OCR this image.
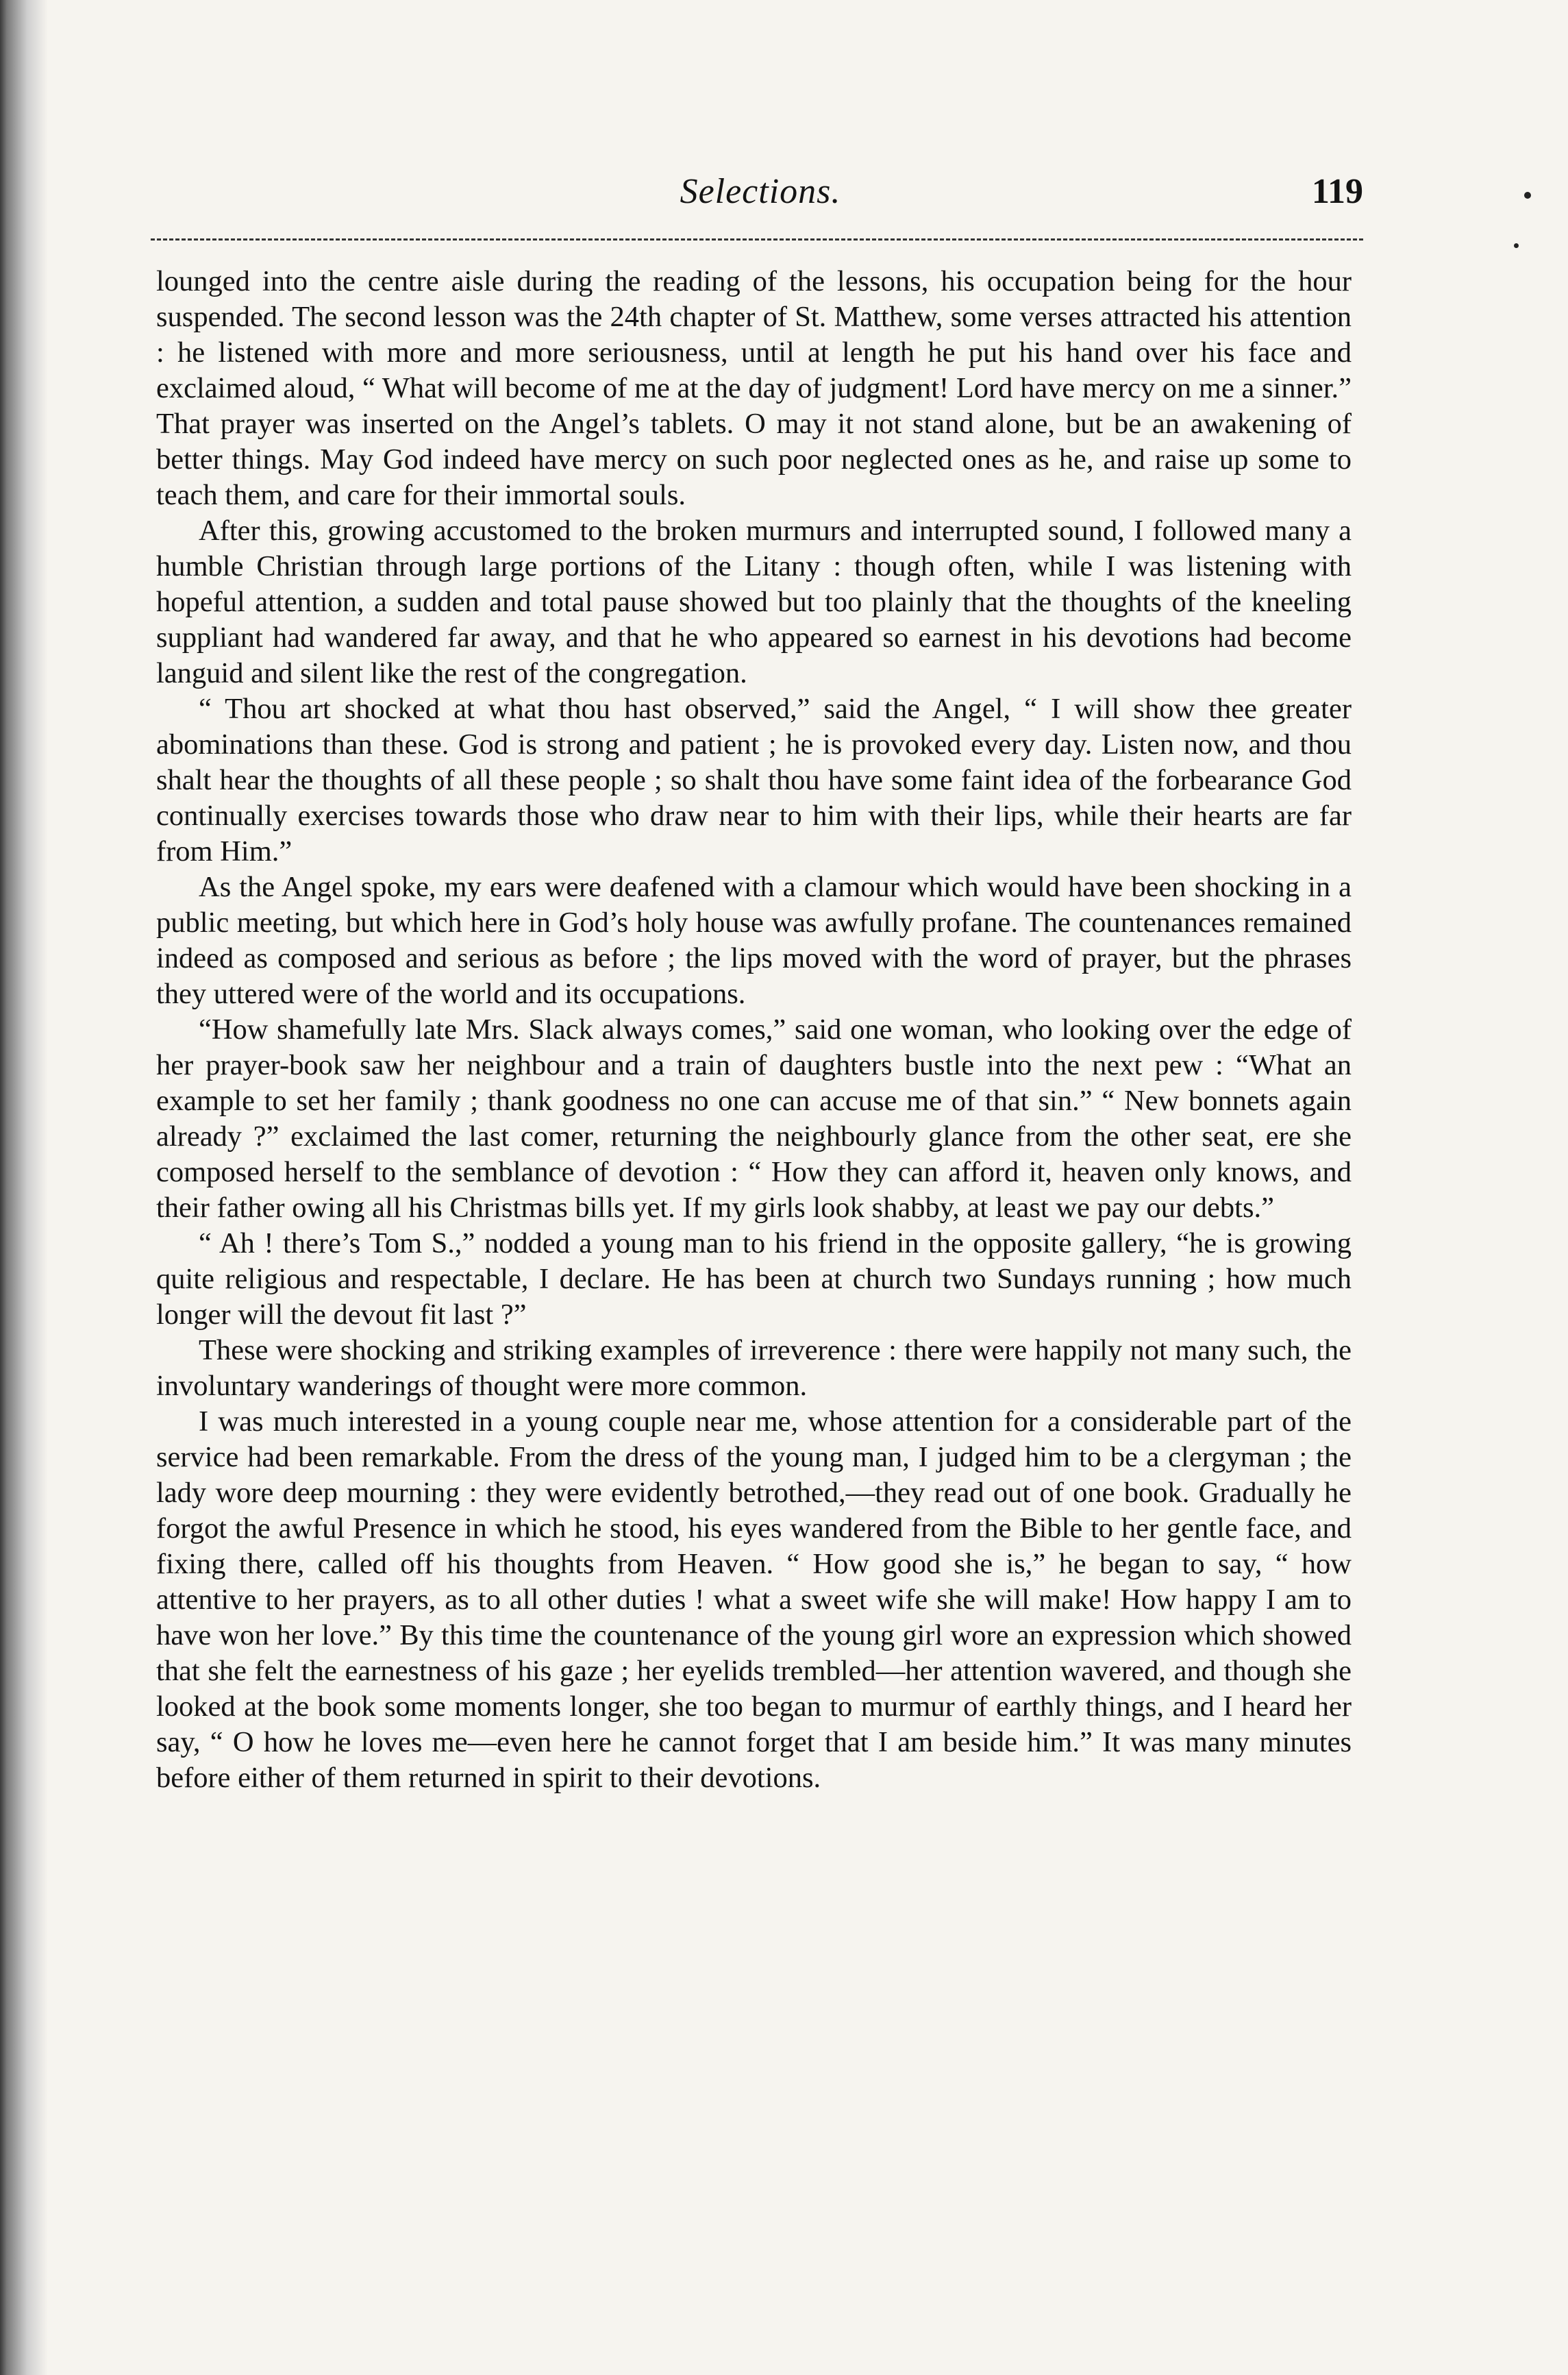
Selections.	119

lounged into the centre aisle during the reading of the lessons, his occupation being for the hour suspended. The second lesson was the 24th chapter of St. Matthew, some verses attracted his attention : he listened with more and more seriousness, until at length he put his hand over his face and exclaimed aloud, “ What will become of me at the day of judgment! Lord have mercy on me a sinner.” That prayer was inserted on the Angel’s tablets. O may it not stand alone, but be an awakening of better things. May God indeed have mercy on such poor neglected ones as he, and raise up some to teach them, and care for their immortal souls.

After this, growing accustomed to the broken murmurs and interrupted sound, I followed many a humble Christian through large portions of the Litany : though often, while I was listening with hopeful attention, a sudden and total pause showed but too plainly that the thoughts of the kneeling suppliant had wandered far away, and that he who appeared so earnest in his devotions had become languid and silent like the rest of the congregation.

“ Thou art shocked at what thou hast observed,” said the Angel, “ I will show thee greater abominations than these. God is strong and patient ; he is provoked every day. Listen now, and thou shalt hear the thoughts of all these people ; so shalt thou have some faint idea of the forbearance God continually exercises towards those who draw near to him with their lips, while their hearts are far from Him.”

As the Angel spoke, my ears were deafened with a clamour which would have been shocking in a public meeting, but which here in God’s holy house was awfully profane. The countenances remained indeed as composed and serious as before ; the lips moved with the word of prayer, but the phrases they uttered were of the world and its occupations.

“How shamefully late Mrs. Slack always comes,” said one woman, who looking over the edge of her prayer-book saw her neighbour and a train of daughters bustle into the next pew : “What an example to set her family ; thank goodness no one can accuse me of that sin.” “ New bonnets again already ?” exclaimed the last comer, returning the neighbourly glance from the other seat, ere she composed herself to the semblance of devotion : “ How they can afford it, heaven only knows, and their father owing all his Christmas bills yet. If my girls look shabby, at least we pay our debts.”

“ Ah ! there’s Tom S.,” nodded a young man to his friend in the opposite gallery, “he is growing quite religious and respectable, I declare. He has been at church two Sundays running ; how much longer will the devout fit last ?”

These were shocking and striking examples of irreverence : there were happily not many such, the involuntary wanderings of thought were more common.

I was much interested in a young couple near me, whose attention for a considerable part of the service had been remarkable. From the dress of the young man, I judged him to be a clergyman ; the lady wore deep mourning : they were evidently betrothed,—they read out of one book. Gradually he forgot the awful Presence in which he stood, his eyes wandered from the Bible to her gentle face, and fixing there, called off his thoughts from Heaven. “ How good she is,” he began to say, “ how attentive to her prayers, as to all other duties ! what a sweet wife she will make! How happy I am to have won her love.” By this time the countenance of the young girl wore an expression which showed that she felt the earnestness of his gaze ; her eyelids trembled—her attention wavered, and though she looked at the book some moments longer, she too began to murmur of earthly things, and I heard her say, “ O how he loves me—even here he cannot forget that I am beside him.” It was many minutes before either of them returned in spirit to their devotions.
